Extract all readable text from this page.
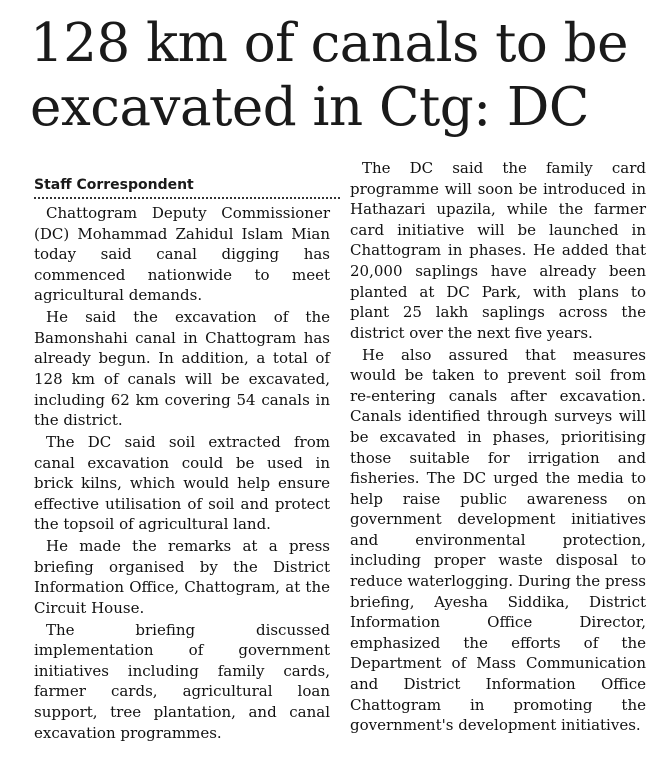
128 km of canals to be excavated in Ctg: DC
Staff Correspondent

Chattogram Deputy Commissioner (DC) Mohammad Zahidul Islam Mian today said canal digging has commenced nationwide to meet agricultural demands.

He said the excavation of the Bamonshahi canal in Chattogram has already begun. In addition, a total of 128 km of canals will be excavated, including 62 km covering 54 canals in the district.

The DC said soil extracted from canal excavation could be used in brick kilns, which would help ensure effective utilisation of soil and protect the topsoil of agricultural land.

He made the remarks at a press briefing organised by the District Information Office, Chattogram, at the Circuit House.

The briefing discussed implementation of government initiatives including family cards, farmer cards, agricultural loan support, tree plantation, and canal excavation programmes.

The DC said the family card programme will soon be introduced in Hathazari upazila, while the farmer card initiative will be launched in Chattogram in phases. He added that 20,000 saplings have already been planted at DC Park, with plans to plant 25 lakh saplings across the district over the next five years.

He also assured that measures would be taken to prevent soil from re-entering canals after excavation. Canals identified through surveys will be excavated in phases, prioritising those suitable for irrigation and fisheries. The DC urged the media to help raise public awareness on government development initiatives and environmental protection, including proper waste disposal to reduce waterlogging. During the press briefing, Ayesha Siddika, District Information Office Director, emphasized the efforts of the Department of Mass Communication and District Information Office Chattogram in promoting the government's development initiatives.
